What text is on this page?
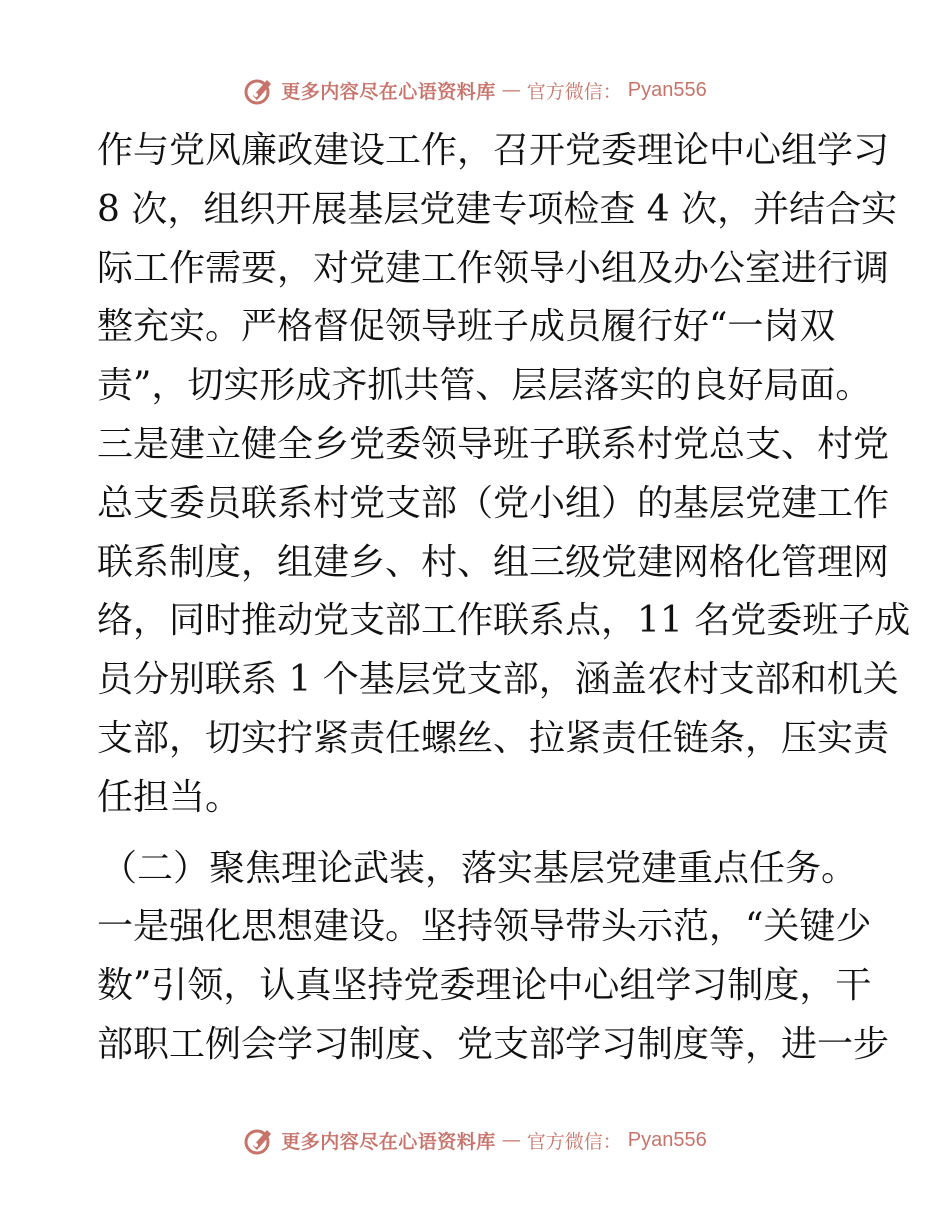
更多内容尽在心语资料库 — 官方微信： Pyan556
作与党风廉政建设工作，召开党委理论中心组学习
8 次，组织开展基层党建专项检查 4 次，并结合实
际工作需要，对党建工作领导小组及办公室进行调
整充实。严格督促领导班子成员履行好“一岗双
责”，切实形成齐抓共管、层层落实的良好局面。
三是建立健全乡党委领导班子联系村党总支、村党
总支委员联系村党支部（党小组）的基层党建工作
联系制度，组建乡、村、组三级党建网格化管理网
络，同时推动党支部工作联系点，11 名党委班子成
员分别联系 1 个基层党支部，涵盖农村支部和机关
支部，切实拧紧责任螺丝、拉紧责任链条，压实责
任担当。
（二）聚焦理论武装，落实基层党建重点任务。
一是强化思想建设。坚持领导带头示范，“关键少
数”引领，认真坚持党委理论中心组学习制度，干
部职工例会学习制度、党支部学习制度等，进一步
更多内容尽在心语资料库 — 官方微信： Pyan556
